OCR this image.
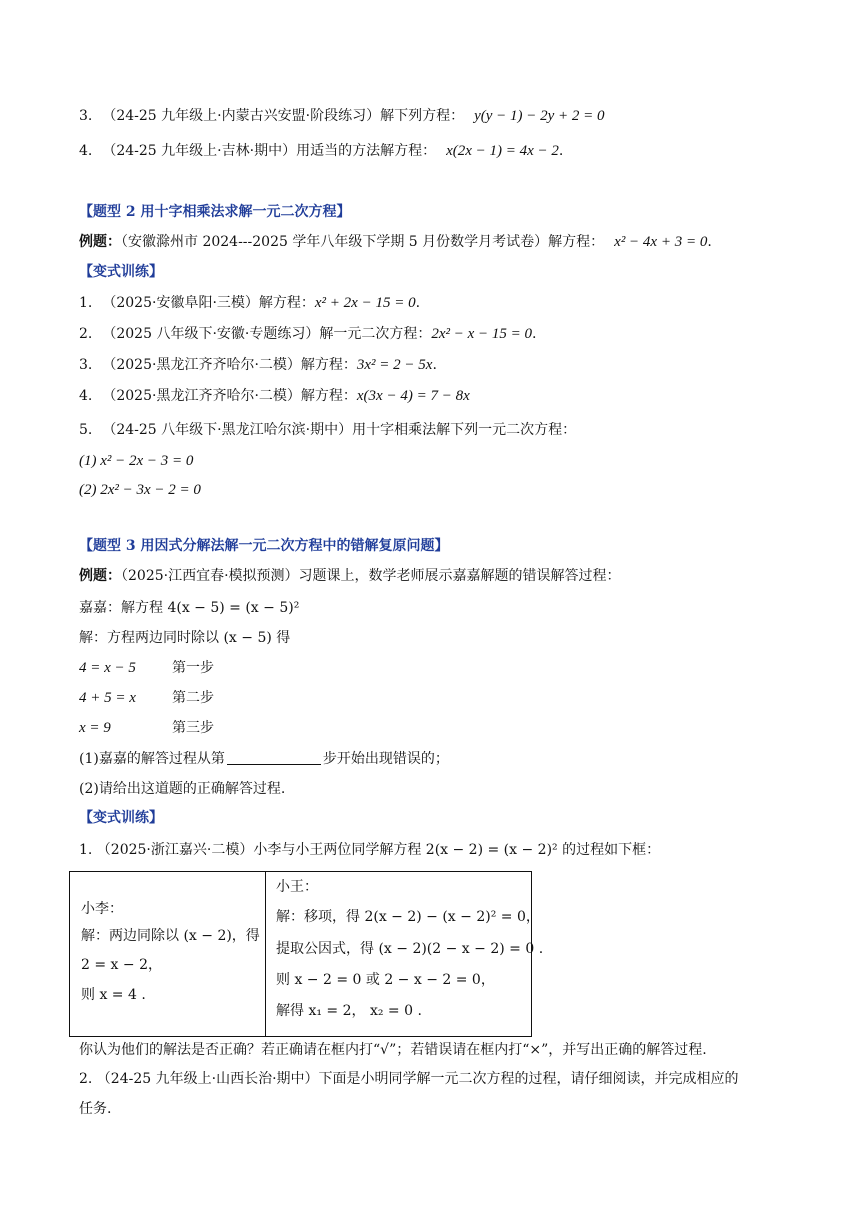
3. （24-25 九年级上·内蒙古兴安盟·阶段练习）解下列方程： y(y − 1) − 2y + 2 = 0
4. （24-25 九年级上·吉林·期中）用适当的方法解方程： x(2x − 1) = 4x − 2.
【题型 2 用十字相乘法求解一元二次方程】
例题：（安徽滁州市 2024---2025 学年八年级下学期 5 月份数学月考试卷）解方程： x² − 4x + 3 = 0.
【变式训练】
1. （2025·安徽阜阳·三模）解方程：x² + 2x − 15 = 0.
2. （2025 八年级下·安徽·专题练习）解一元二次方程：2x² − x − 15 = 0.
3. （2025·黑龙江齐齐哈尔·二模）解方程：3x² = 2 − 5x.
4. （2025·黑龙江齐齐哈尔·二模）解方程：x(3x − 4) = 7 − 8x
5. （24-25 八年级下·黑龙江哈尔滨·期中）用十字相乘法解下列一元二次方程：
(1) x² − 2x − 3 = 0
(2) 2x² − 3x − 2 = 0
【题型 3 用因式分解法解一元二次方程中的错解复原问题】
例题：（2025·江西宜春·模拟预测）习题课上，数学老师展示嘉嘉解题的错误解答过程：
嘉嘉：解方程 4(x − 5) = (x − 5)²
解：方程两边同时除以 (x − 5) 得
4 = x − 5	第一步
4 + 5 = x	第二步
x = 9	第三步
(1)嘉嘉的解答过程从第	步开始出现错误的；
(2)请给出这道题的正确解答过程.
【变式训练】
1. （2025·浙江嘉兴·二模）小李与小王两位同学解方程 2(x − 2) = (x − 2)² 的过程如下框：
小李：
解：两边同除以 (x − 2)，得
2 = x − 2，
则 x = 4 .
小王：
解：移项，得 2(x − 2) − (x − 2)² = 0，
提取公因式，得 (x − 2)(2 − x − 2) = 0 .
则 x − 2 = 0 或 2 − x − 2 = 0，
解得 x₁ = 2， x₂ = 0 .
你认为他们的解法是否正确？若正确请在框内打“√”；若错误请在框内打“×”，并写出正确的解答过程.
2. （24-25 九年级上·山西长治·期中）下面是小明同学解一元二次方程的过程，请仔细阅读，并完成相应的
任务.
